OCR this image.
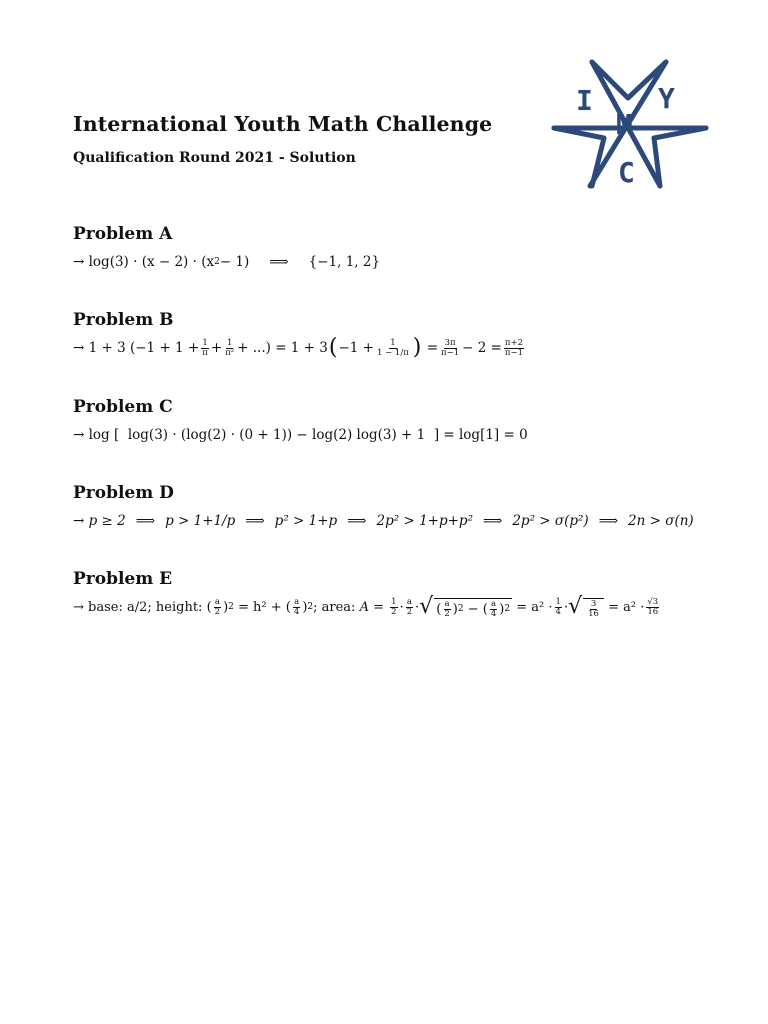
International Youth Math Challenge
Qualification Round 2021 - Solution
I Y
M
C
Problem A
→
log(3) · (x − 2) · (x 2 − 1) ⟹ {−1, 1, 2}
Problem B
→
1 + 3 ( $-1 + 1 + \frac{1}{\pi} + \frac{1}{\text{π²}}$ + ... ) = 1 + 3 ( $-1 + \frac{1}{1 - 1/\pi}$ )
= $\frac{3\pi}{\pi-1} - 2 = \frac{\pi+2}{\pi-1}$
Problem C
→
log [  log(3) · (log(2) · (0 + 1)) − log(2) log(3) + 1  ] = log[1] = 0
Problem D
→
p ≥ 2 ⟹ p > 1+1/p ⟹ p² > 1+p ⟹ 2p² > 1+p+p² ⟹ 2p² > σ(p²) ⟹ 2n > σ(n)
Problem E
→
base: a/2; height: ( $\frac{a}{2}$ ) 2
= h² + ( $\frac{a}{4}$ ) 2 ; area:
A =
$\frac{1}{2} \cdot \frac{a}{2}$ · √ ( $\frac{a}{2}$ ) 2
− ( $\frac{a}{4}$ ) 2
= $a^2 \cdot \frac{1}{4}$ · √ $\frac{3}{16}$
= $a^2 \cdot \frac{√3}{16}$
